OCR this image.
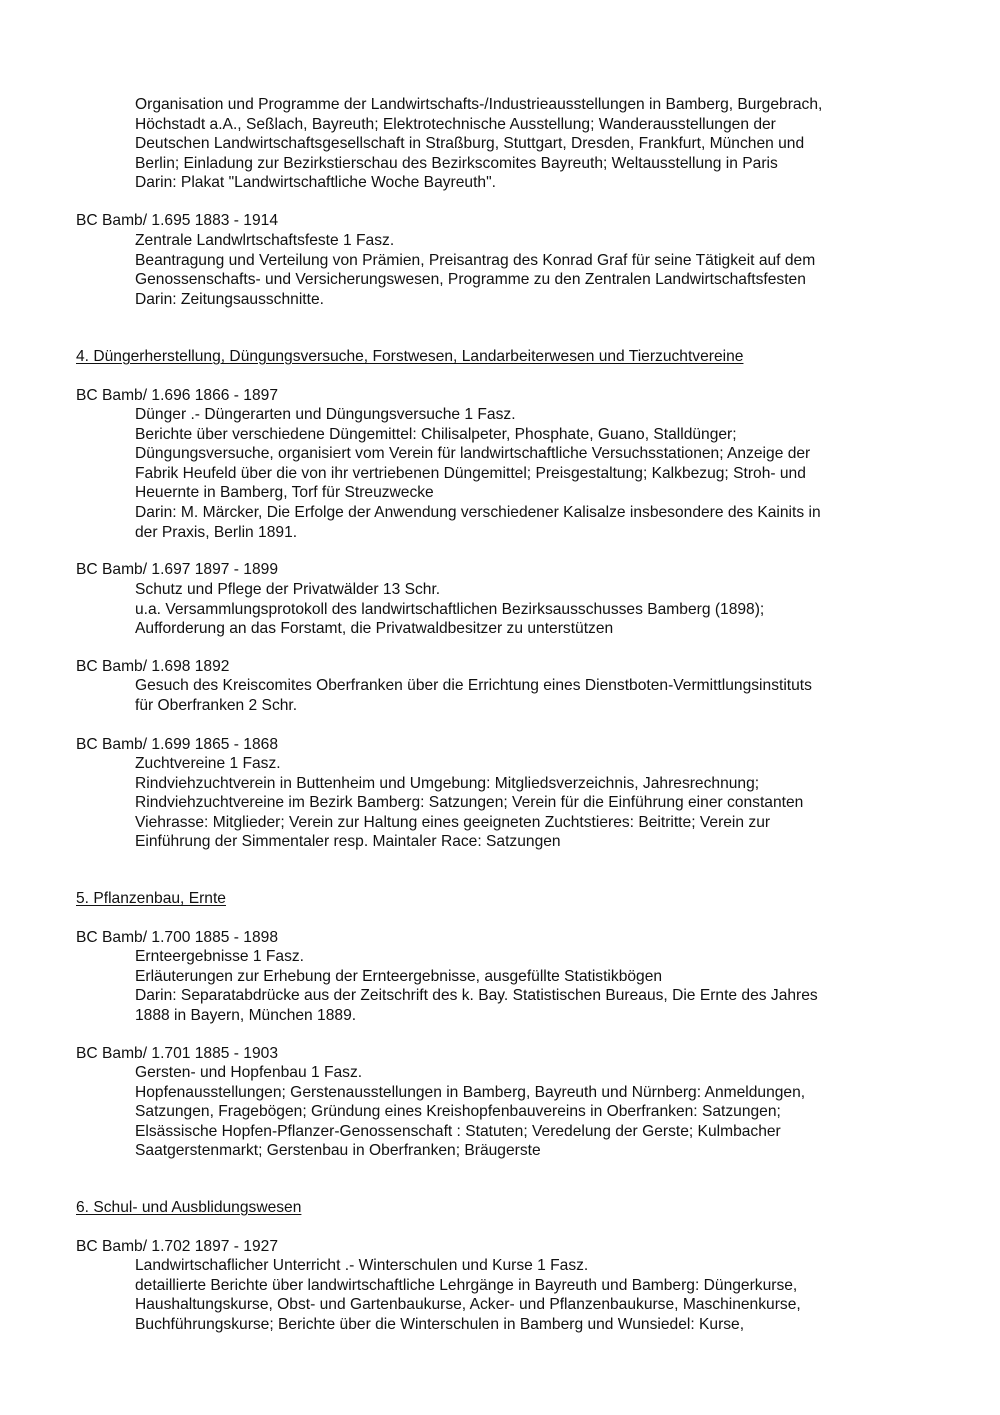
Organisation und Programme der Landwirtschafts-/Industrieausstellungen in Bamberg, Burgebrach,

Höchstadt a.A., Seßlach, Bayreuth; Elektrotechnische Ausstellung; Wanderausstellungen der

Deutschen Landwirtschaftsgesellschaft in Straßburg, Stuttgart, Dresden, Frankfurt, München und

Berlin; Einladung zur Bezirkstierschau des Bezirkscomites Bayreuth; Weltausstellung in Paris

Darin: Plakat "Landwirtschaftliche Woche Bayreuth".

BC Bamb/ 1.695 1883 - 1914

Zentrale Landwlrtschaftsfeste 1 Fasz.

Beantragung und Verteilung von Prämien, Preisantrag des Konrad Graf für seine Tätigkeit auf dem

Genossenschafts- und Versicherungswesen, Programme zu den Zentralen Landwirtschaftsfesten

Darin: Zeitungsausschnitte.

4. Düngerherstellung, Düngungsversuche, Forstwesen, Landarbeiterwesen und Tierzuchtvereine
BC Bamb/ 1.696 1866 - 1897

Dünger .- Düngerarten und Düngungsversuche 1 Fasz.

Berichte über verschiedene Düngemittel: Chilisalpeter, Phosphate, Guano, Stalldünger;

Düngungsversuche, organisiert vom Verein für landwirtschaftliche Versuchsstationen; Anzeige der

Fabrik Heufeld über die von ihr vertriebenen Düngemittel; Preisgestaltung; Kalkbezug; Stroh- und

Heuernte in Bamberg, Torf für Streuzwecke

Darin: M. Märcker, Die Erfolge der Anwendung verschiedener Kalisalze insbesondere des Kainits in

der Praxis, Berlin 1891.

BC Bamb/ 1.697 1897 - 1899

Schutz und Pflege der Privatwälder 13 Schr.

u.a. Versammlungsprotokoll des landwirtschaftlichen Bezirksausschusses Bamberg (1898);

Aufforderung an das Forstamt, die Privatwaldbesitzer zu unterstützen

BC Bamb/ 1.698 1892

Gesuch des Kreiscomites Oberfranken über die Errichtung eines Dienstboten-Vermittlungsinstituts

für Oberfranken 2 Schr.

BC Bamb/ 1.699 1865 - 1868

Zuchtvereine 1 Fasz.

Rindviehzuchtverein in Buttenheim und Umgebung: Mitgliedsverzeichnis, Jahresrechnung;

Rindviehzuchtvereine im Bezirk Bamberg: Satzungen; Verein für die Einführung einer constanten

Viehrasse: Mitglieder; Verein zur Haltung eines geeigneten Zuchtstieres: Beitritte; Verein zur

Einführung der Simmentaler resp. Maintaler Race: Satzungen

5. Pflanzenbau, Ernte
BC Bamb/ 1.700 1885 - 1898

Ernteergebnisse 1 Fasz.

Erläuterungen zur Erhebung der Ernteergebnisse, ausgefüllte Statistikbögen

Darin: Separatabdrücke aus der Zeitschrift des k. Bay. Statistischen Bureaus, Die Ernte des Jahres

1888 in Bayern, München 1889.

BC Bamb/ 1.701 1885 - 1903

Gersten- und Hopfenbau 1 Fasz.

Hopfenausstellungen; Gerstenausstellungen in Bamberg, Bayreuth und Nürnberg: Anmeldungen,

Satzungen, Fragebögen; Gründung eines Kreishopfenbauvereins in Oberfranken: Satzungen;

Elsässische Hopfen-Pflanzer-Genossenschaft : Statuten; Veredelung der Gerste; Kulmbacher

Saatgerstenmarkt; Gerstenbau in Oberfranken; Bräugerste

6. Schul- und Ausblidungswesen
BC Bamb/ 1.702 1897 - 1927

Landwirtschaflicher Unterricht .- Winterschulen und Kurse 1 Fasz.

detaillierte Berichte über landwirtschaftliche Lehrgänge in Bayreuth und Bamberg: Düngerkurse,

Haushaltungskurse, Obst- und Gartenbaukurse, Acker- und Pflanzenbaukurse, Maschinenkurse,

Buchführungskurse; Berichte über die Winterschulen in Bamberg und Wunsiedel: Kurse,
